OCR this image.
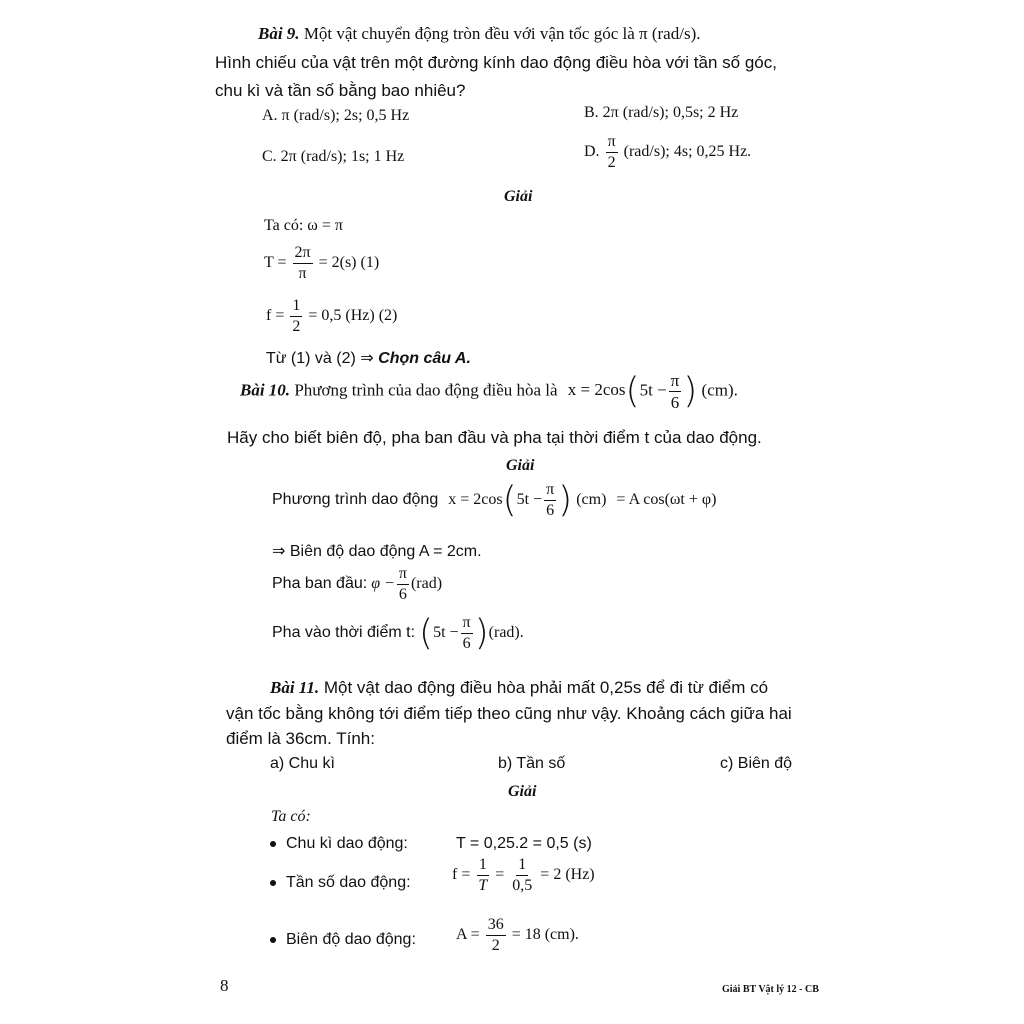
Bài 9. Một vật chuyển động tròn đều với vận tốc góc là π (rad/s).
Hình chiếu của vật trên một đường kính dao động điều hòa với tần số góc,
chu kì và tần số bằng bao nhiêu?
A. π (rad/s); 2s; 0,5 Hz	B. 2π (rad/s); 0,5s; 2 Hz
C. 2π (rad/s); 1s; 1 Hz	D. $\frac{\pi}{2} (rad/s)$; 4s; 0,25 Hz.
Giải
Ta có: ω = π
$T = \frac{2\pi}{\pi} = 2(s)$ (1)
$f = \frac{1}{2} = 0,5$ (Hz) (2)
Từ (1) và (2) ⇒ Chọn câu A.
Bài 10. Phương trình của dao động điều hòa là $x = 2\cos(5t - \frac{\pi}{6}$ ) (cm).
Hãy cho biết biên độ, pha ban đầu và pha tại thời điểm t của dao động.
Giải
Phương trình dao động $x = 2\cos(5t - \frac{\pi}{6}$ ) (cm) = A cos(ωt + φ)
⇒ Biên độ dao động A = 2cm.
Pha ban đầu: $\varphi - \frac{\pi}{6} (rad)$
Pha vào thời điểm t: $(5t - \frac{\pi}{6} )(rad)$.
Bài 11. Một vật dao động điều hòa phải mất 0,25s để đi từ điểm có
vận tốc bằng không tới điểm tiếp theo cũng như vậy. Khoảng cách giữa hai
điểm là 36cm. Tính:
a) Chu kì	b) Tần số	c) Biên độ
Giải
Ta có:
Chu kì dao động:	T = 0,25.2 = 0,5 (s)
Tần số dao động:	$f = \frac{1}{T} = \frac{1}{0,5} = 2$ (Hz)
Biên độ dao động:	$A = \frac{36}{2} = 18$ (cm).
8	Giải BT Vật lý 12 - CB
